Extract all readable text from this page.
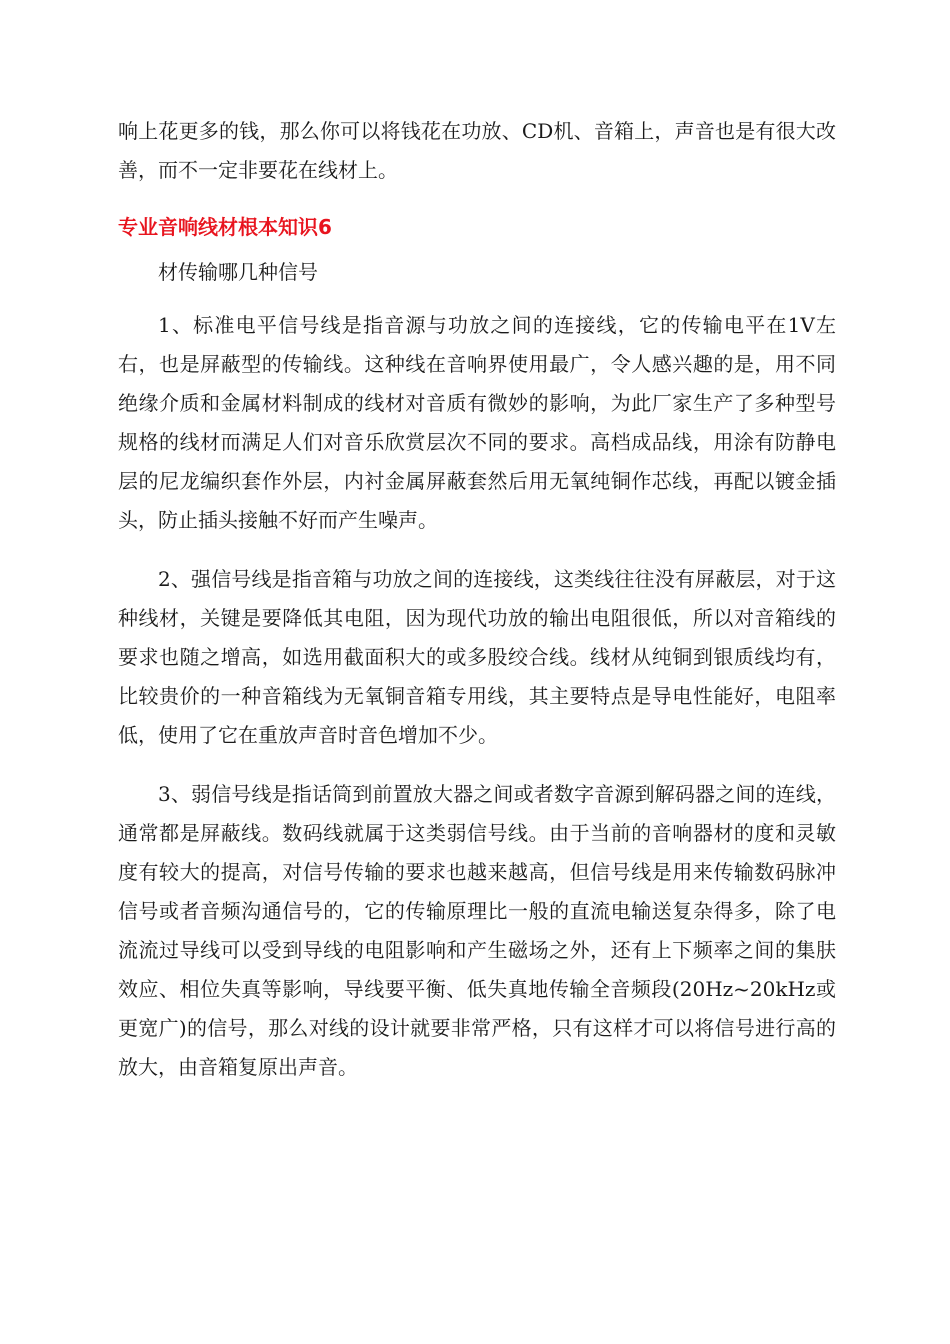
响上花更多的钱，那么你可以将钱花在功放、CD机、音箱上，声音也是有很大改善，而不一定非要花在线材上。

专业音响线材根本知识6

材传输哪几种信号

1、标准电平信号线是指音源与功放之间的连接线，它的传输电平在1V左右，也是屏蔽型的传输线。这种线在音响界使用最广，令人感兴趣的是，用不同绝缘介质和金属材料制成的线材对音质有微妙的影响，为此厂家生产了多种型号规格的线材而满足人们对音乐欣赏层次不同的要求。高档成品线，用涂有防静电层的尼龙编织套作外层，内衬金属屏蔽套然后用无氧纯铜作芯线，再配以镀金插头，防止插头接触不好而产生噪声。

2、强信号线是指音箱与功放之间的连接线，这类线往往没有屏蔽层，对于这种线材，关键是要降低其电阻，因为现代功放的输出电阻很低，所以对音箱线的要求也随之增高，如选用截面积大的或多股绞合线。线材从纯铜到银质线均有，比较贵价的一种音箱线为无氧铜音箱专用线，其主要特点是导电性能好，电阻率低，使用了它在重放声音时音色增加不少。

3、弱信号线是指话筒到前置放大器之间或者数字音源到解码器之间的连线，通常都是屏蔽线。数码线就属于这类弱信号线。由于当前的音响器材的度和灵敏度有较大的提高，对信号传输的要求也越来越高，但信号线是用来传输数码脉冲信号或者音频沟通信号的，它的传输原理比一般的直流电输送复杂得多，除了电流流过导线可以受到导线的电阻影响和产生磁场之外，还有上下频率之间的集肤效应、相位失真等影响，导线要平衡、低失真地传输全音频段(20Hz~20kHz或更宽广)的信号，那么对线的设计就要非常严格，只有这样才可以将信号进行高的放大，由音箱复原出声音。
